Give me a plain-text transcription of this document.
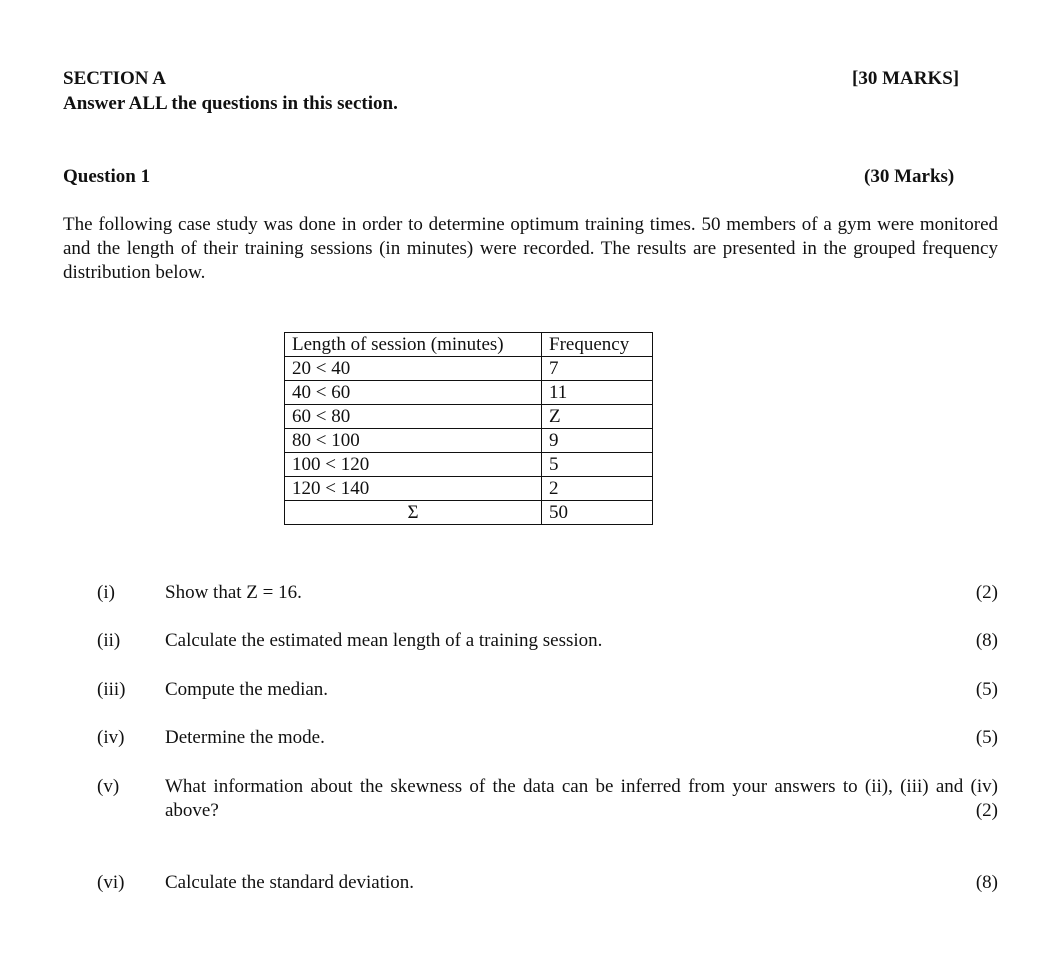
SECTION A	[30 MARKS]
Answer ALL the questions in this section.
Question 1	(30 Marks)
The following case study was done in order to determine optimum training times. 50 members of a gym were monitored and the length of their training sessions (in minutes) were recorded. The results are presented in the grouped frequency distribution below.
Length of session (minutes)	Frequency
20 < 40	7
40 < 60	11
60 < 80	Z
80 < 100	9
100 < 120	5
120 < 140	2
Σ	50
(i)	Show that Z = 16.	(2)
(ii) Calculate the estimated mean length of a training session.	(8)
(iii) Compute the median.	(5)
(iv) Determine the mode.	(5)
(v) What information about the skewness of the data can be inferred from your answers to (ii), (iii) and (iv) above?	(2)
(vi) Calculate the standard deviation.	(8)
